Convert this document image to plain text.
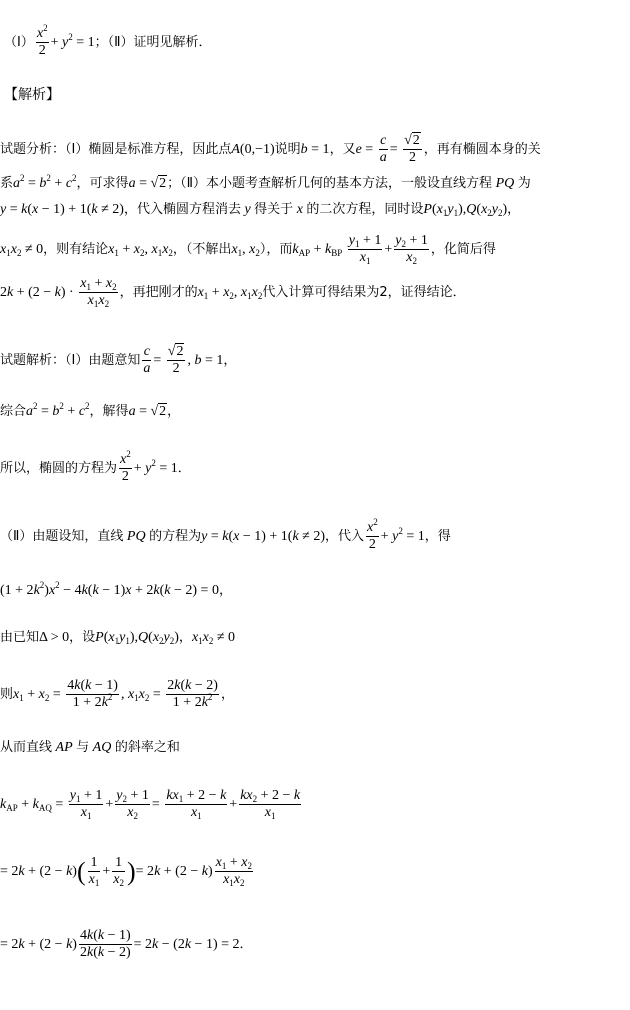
（Ⅰ） $\frac{x^2}{2} + y^2 = 1$；（Ⅱ）证明见解析．
【解析】
试题分析：（Ⅰ）椭圆是标准方程，因此点A(0,−1)说明b = 1，又$e = \frac{c}{a} = \frac{√2}{2}$ ，再有椭圆本身的关
系$a^2 = b^2 + c^2$，可求得a = √2；（Ⅱ）本小题考查解析几何的基本方法，一般设直线方程 PQ 为
y = k(x − 1) + 1(k ≠ 2)，代入椭圆方程消去 y 得关于 x 的二次方程，同时设$P(x_1y_1),Q(x_2y_2)$，
$x_1x_2 \ne 0$，则有结论$x_1 + x_2$, $x_1x_2$，（不解出$x_1$, $x_2$），而$k_{AP} + k_{BP} \frac{y_1 + 1}{x_1} + \frac{y_2 + 1}{x_2}$ ，化简后得
$2k + (2 - k) \cdot \frac{x_1 + x_2}{x_1x_2}$ ，再把刚才的$x_1 + x_2$, $x_1x_2$代入计算可得结果为2，证得结论．
试题解析：（Ⅰ）由题意知 $\frac{c}{a} = \frac{√2}{2}$ , b = 1，
综合$a^2 = b^2 + c^2$，解得a = √2，
所以，椭圆的方程为 $\frac{x^2}{2} + y^2 = 1$．
（Ⅱ）由题设知，直线 PQ 的方程为y = k(x − 1) + 1(k ≠ 2)，代入 $\frac{x^2}{2} + y^2 = 1$，得
$(1 + 2k^2)x^2 - 4k(k - 1)x + 2k(k - 2) = 0$，
由已知Δ > 0，设$P(x_1y_1),Q(x_2y_2)$，$x_1x_2 \ne 0$
则$x_1 + x_2 = \frac{4k(k - 1)}{1 + 2k^2}$ , $x_1x_2 = \frac{2k(k - 2)}{1 + 2k^2}$ ，
从而直线 AP 与 AQ 的斜率之和
$k_{AP} + k_{AQ} = \frac{y_1 + 1}{x_1} + \frac{y_2 + 1}{x_2} = \frac{kx_1 + 2 - k}{x_1} + \frac{kx_2 + 2 - k}{x_1}$
= $2k + (2 - k)( \frac{1}{x_1} + \frac{1}{x_2}$ )= $2k + (2 - k) \frac{x_1 + x_2}{x_1x_2}$
= $2k + (2 - k) \frac{4k(k - 1)}{2k(k - 2)} = 2k - (2k - 1) = 2$．
